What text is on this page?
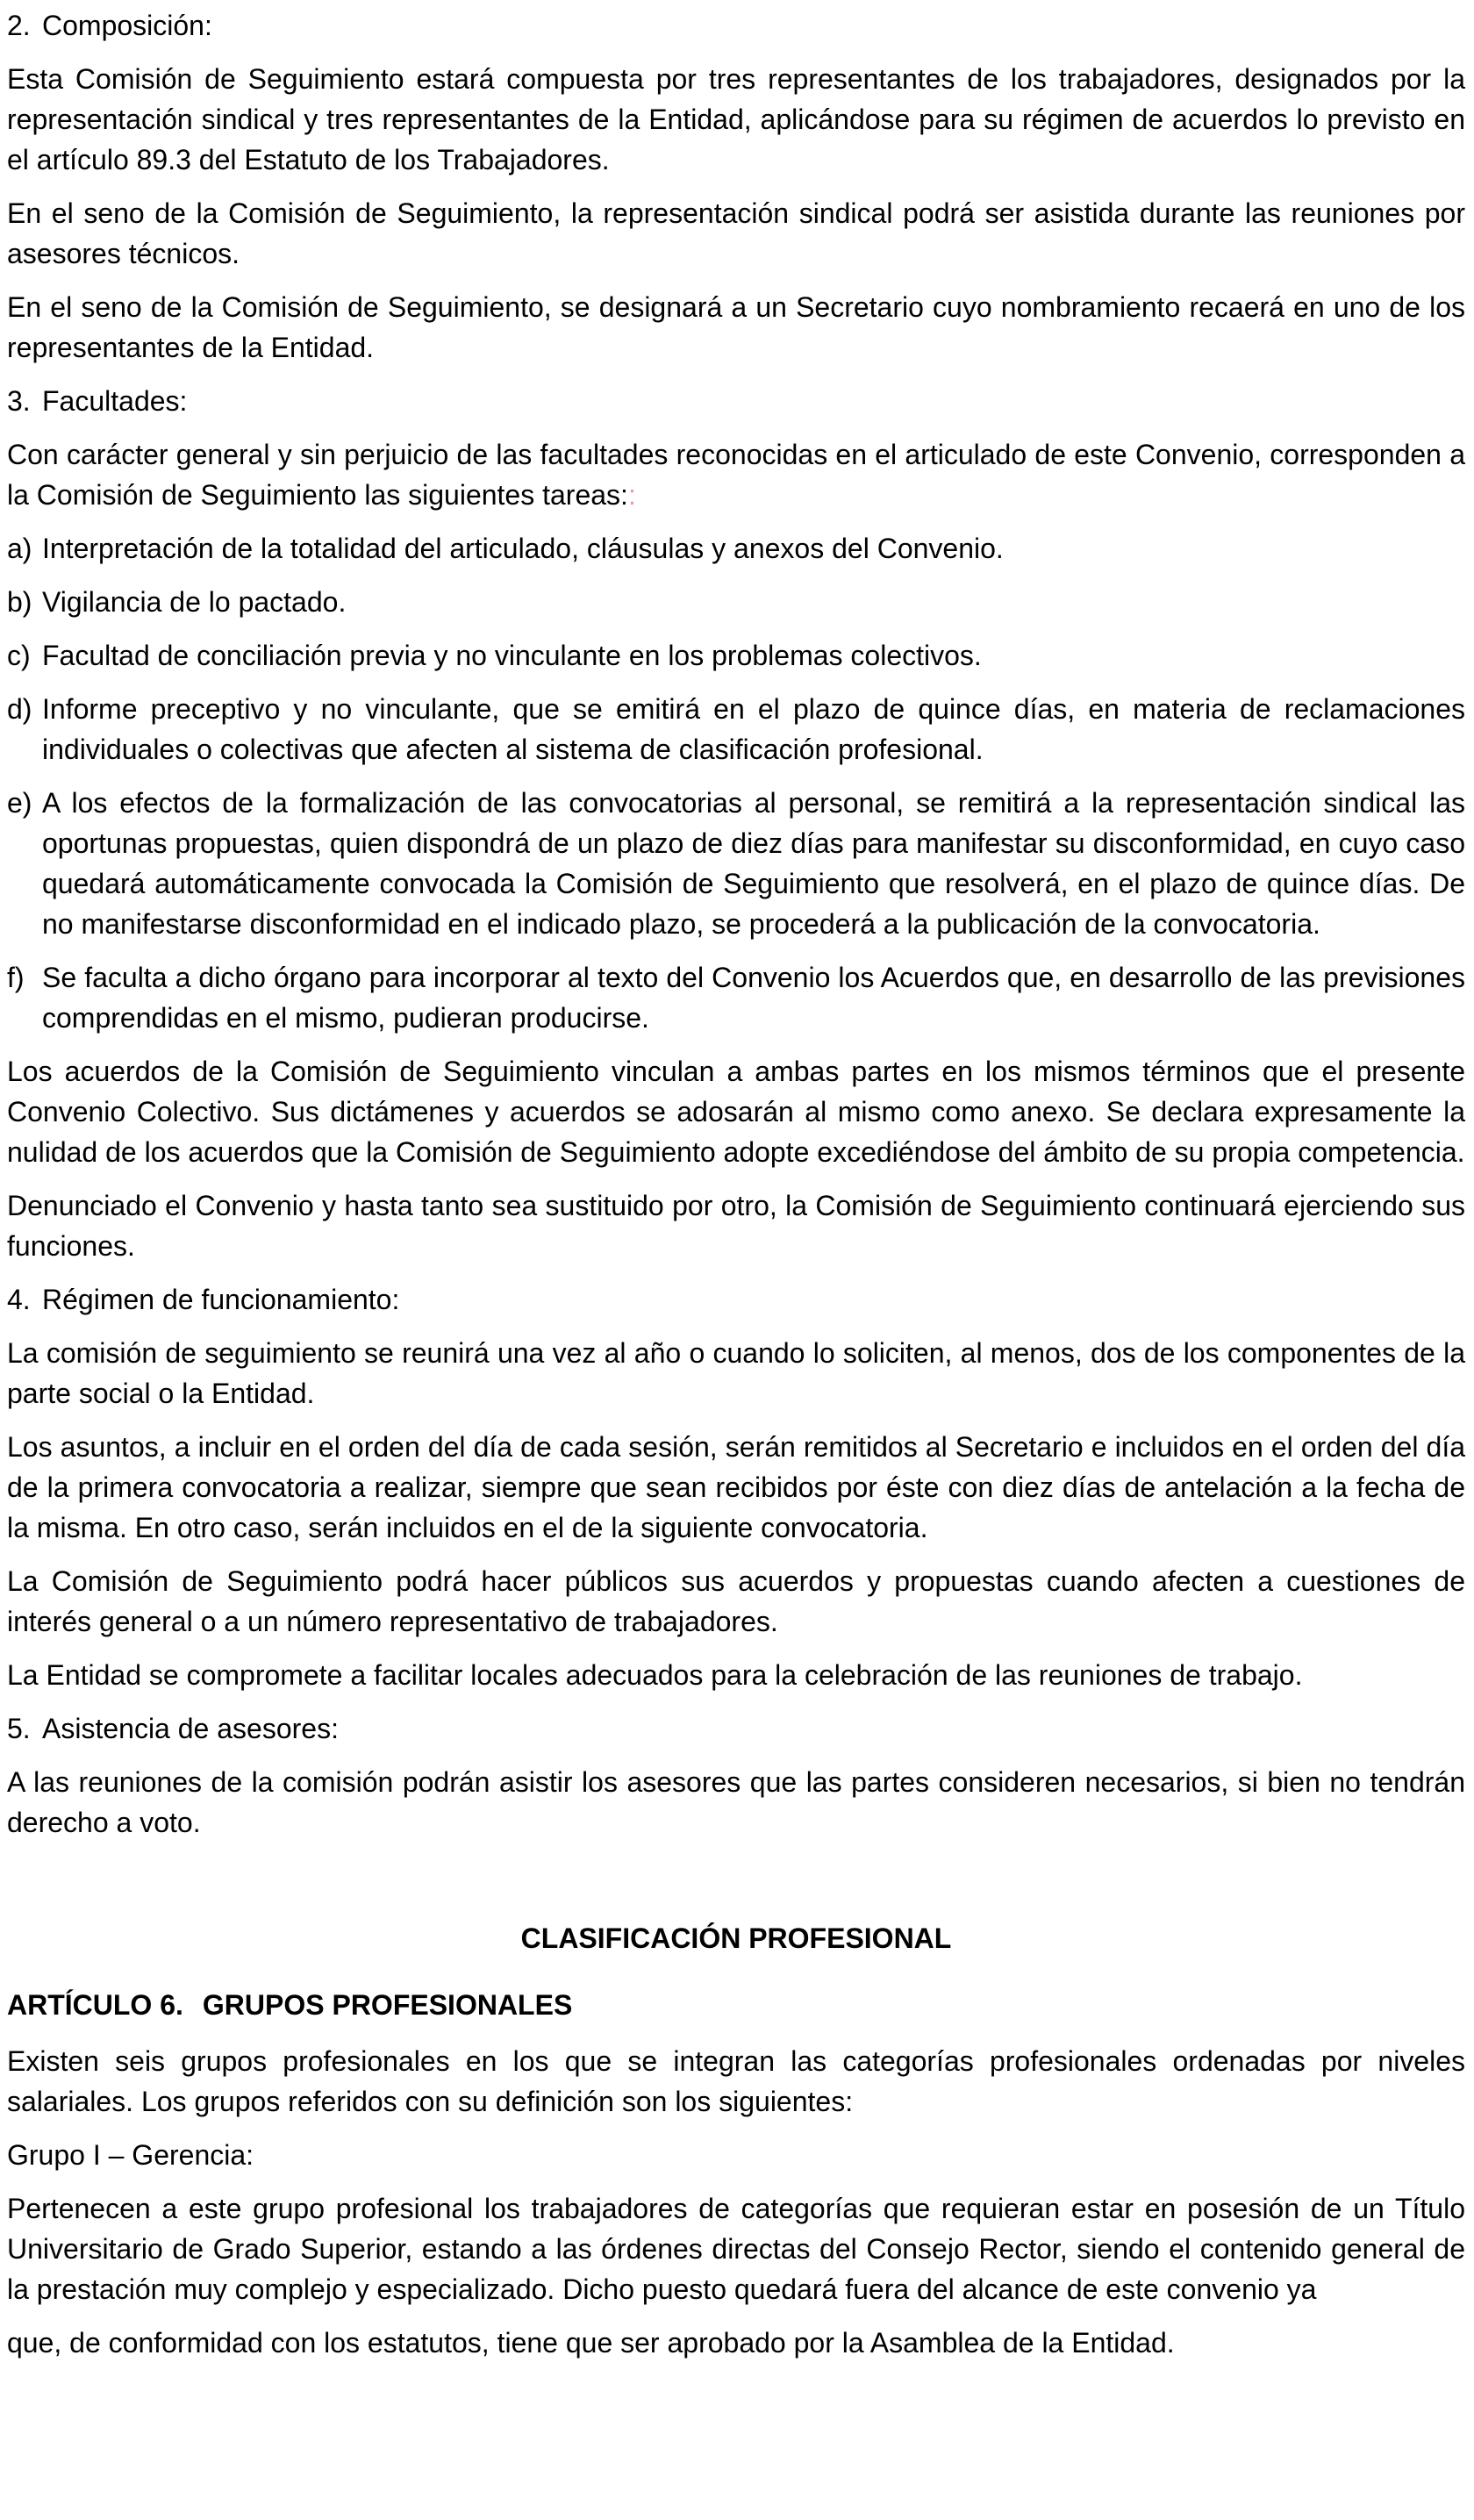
2. Composición:

Esta Comisión de Seguimiento estará compuesta por tres representantes de los trabajadores, designados por la representación sindical y tres representantes de la Entidad, aplicándose para su régimen de acuerdos lo previsto en el artículo 89.3 del Estatuto de los Trabajadores.

En el seno de la Comisión de Seguimiento, la representación sindical podrá ser asistida durante las reuniones por asesores técnicos.

En el seno de la Comisión de Seguimiento, se designará a un Secretario cuyo nombramiento recaerá en uno de los representantes de la Entidad.

3. Facultades:

Con carácter general y sin perjuicio de las facultades reconocidas en el articulado de este Convenio, corresponden a la Comisión de Seguimiento las siguientes tareas::

a) Interpretación de la totalidad del articulado, cláusulas y anexos del Convenio.
b) Vigilancia de lo pactado.
c) Facultad de conciliación previa y no vinculante en los problemas colectivos.
d) Informe preceptivo y no vinculante, que se emitirá en el plazo de quince días, en materia de reclamaciones individuales o colectivas que afecten al sistema de clasificación profesional.
e) A los efectos de la formalización de las convocatorias al personal, se remitirá a la representación sindical las oportunas propuestas, quien dispondrá de un plazo de diez días para manifestar su disconformidad, en cuyo caso quedará automáticamente convocada la Comisión de Seguimiento que resolverá, en el plazo de quince días. De no manifestarse disconformidad en el indicado plazo, se procederá a la publicación de la convocatoria.
f) Se faculta a dicho órgano para incorporar al texto del Convenio los Acuerdos que, en desarrollo de las previsiones comprendidas en el mismo, pudieran producirse.

Los acuerdos de la Comisión de Seguimiento vinculan a ambas partes en los mismos términos que el presente Convenio Colectivo. Sus dictámenes y acuerdos se adosarán al mismo como anexo. Se declara expresamente la nulidad de los acuerdos que la Comisión de Seguimiento adopte excediéndose del ámbito de su propia competencia.

Denunciado el Convenio y hasta tanto sea sustituido por otro, la Comisión de Seguimiento continuará ejerciendo sus funciones.

4. Régimen de funcionamiento:

La comisión de seguimiento se reunirá una vez al año o cuando lo soliciten, al menos, dos de los componentes de la parte social o la Entidad.

Los asuntos, a incluir en el orden del día de cada sesión, serán remitidos al Secretario e incluidos en el orden del día de la primera convocatoria a realizar, siempre que sean recibidos por éste con diez días de antelación a la fecha de la misma. En otro caso, serán incluidos en el de la siguiente convocatoria.

La Comisión de Seguimiento podrá hacer públicos sus acuerdos y propuestas cuando afecten a cuestiones de interés general o a un número representativo de trabajadores.

La Entidad se compromete a facilitar locales adecuados para la celebración de las reuniones de trabajo.

5. Asistencia de asesores:

A las reuniones de la comisión podrán asistir los asesores que las partes consideren necesarios, si bien no tendrán derecho a voto.

CLASIFICACIÓN PROFESIONAL
ARTÍCULO 6. GRUPOS PROFESIONALES

Existen seis grupos profesionales en los que se integran las categorías profesionales ordenadas por niveles salariales. Los grupos referidos con su definición son los siguientes:

Grupo I – Gerencia:

Pertenecen a este grupo profesional los trabajadores de categorías que requieran estar en posesión de un Título Universitario de Grado Superior, estando a las órdenes directas del Consejo Rector, siendo el contenido general de la prestación muy complejo y especializado. Dicho puesto quedará fuera del alcance de este convenio ya

que, de conformidad con los estatutos, tiene que ser aprobado por la Asamblea de la Entidad.
